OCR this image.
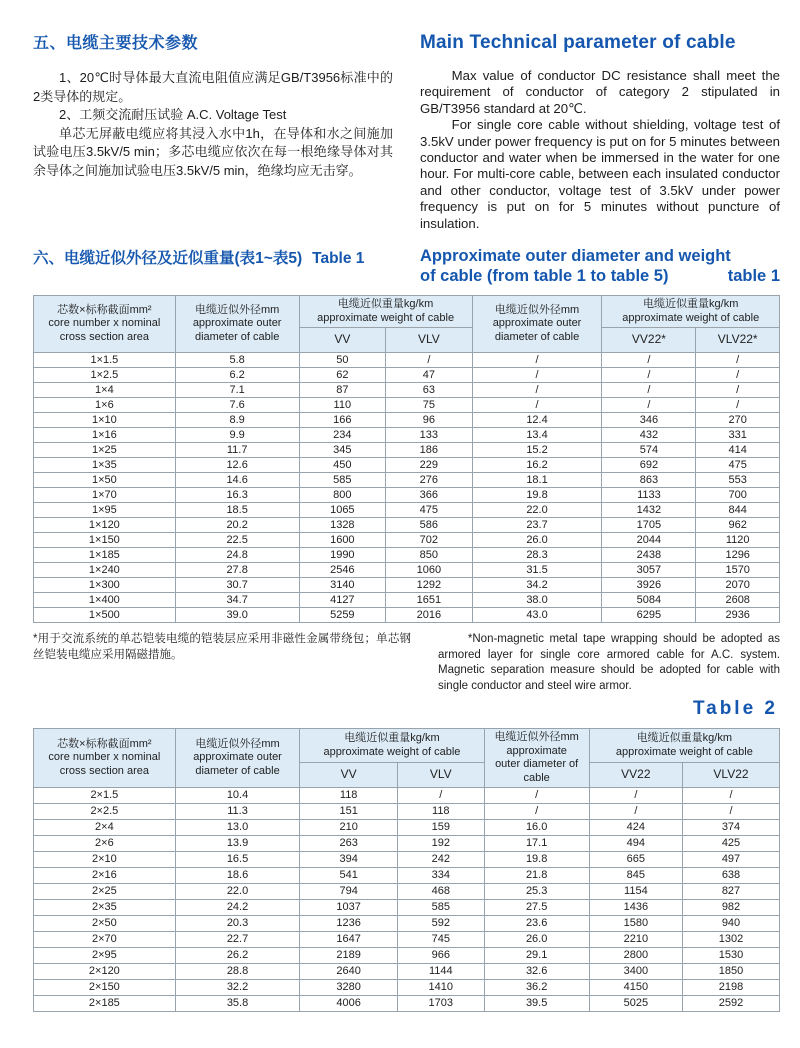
五、电缆主要技术参数

1、20℃时导体最大直流电阻值应满足GB/T3956标准中的2类导体的规定。

2、工频交流耐压试验 A.C. Voltage Test

单芯无屏蔽电缆应将其浸入水中1h，在导体和水之间施加试验电压3.5kV/5 min；多芯电缆应依次在每一根绝缘导体对其余导体之间施加试验电压3.5kV/5 min，绝缘均应无击穿。

Main Technical parameter of cable

Max value of conductor DC resistance shall meet the requirement of conductor of category 2 stipulated in GB/T3956 standard at 20℃.

For single core cable without shielding, voltage test of 3.5kV under power frequency is put on for 5 minutes between conductor and water when be immersed in the water for one hour. For multi-core cable, between each insulated conductor and other conductor, voltage test of 3.5kV under power frequency is put on for 5 minutes without puncture of insulation.

六、电缆近似外径及近似重量(表1~表5) Table 1	Approximate outer diameter and weight
of cable (from table 1 to table 5)	table 1
芯数×标称截面mm²
core number x nominal
cross section area

电缆近似外径mm
approximate outer
diameter of cable

电缆近似重量kg/km
approximate weight of cable

电缆近似外径mm
approximate outer
diameter of cable

电缆近似重量kg/km
approximate weight of cable

		VV	VLV		VV22*	VLV22*

1×1.5	5.8	50	/	/	/	/
1×2.5	6.2	62	47	/	/	/
1×4	7.1	87	63	/	/	/
1×6	7.6	110	75	/	/	/
1×10	8.9	166	96	12.4	346	270
1×16	9.9	234	133	13.4	432	331
1×25	11.7	345	186	15.2	574	414
1×35	12.6	450	229	16.2	692	475
1×50	14.6	585	276	18.1	863	553
1×70	16.3	800	366	19.8	1133	700
1×95	18.5	1065	475	22.0	1432	844
1×120	20.2	1328	586	23.7	1705	962
1×150	22.5	1600	702	26.0	2044	1120
1×185	24.8	1990	850	28.3	2438	1296
1×240	27.8	2546	1060	31.5	3057	1570
1×300	30.7	3140	1292	34.2	3926	2070
1×400	34.7	4127	1651	38.0	5084	2608
1×500	39.0	5259	2016	43.0	6295	2936

*用于交流系统的单芯铠装电缆的铠装层应采用非磁性金属带绕包；单芯钢丝铠装电缆应采用隔磁措施。

*Non-magnetic metal tape wrapping should be adopted as armored layer for single core armored cable for A.C. system. Magnetic separation measure should be adopted for cable with single conductor and steel wire armor.

Table 2
芯数×标称截面mm²
core number x nominal
cross section area

电缆近似外径mm
approximate outer
diameter of cable

电缆近似重量kg/km
approximate weight of cable

电缆近似外径mm
approximate
outer diameter of
cable

电缆近似重量kg/km
approximate weight of cable

		VV	VLV		VV22	VLV22

2×1.5	10.4	118	/	/	/	/
2×2.5	11.3	151	118	/	/	/
2×4	13.0	210	159	16.0	424	374
2×6	13.9	263	192	17.1	494	425
2×10	16.5	394	242	19.8	665	497
2×16	18.6	541	334	21.8	845	638
2×25	22.0	794	468	25.3	1154	827
2×35	24.2	1037	585	27.5	1436	982
2×50	20.3	1236	592	23.6	1580	940
2×70	22.7	1647	745	26.0	2210	1302
2×95	26.2	2189	966	29.1	2800	1530
2×120	28.8	2640	1144	32.6	3400	1850
2×150	32.2	3280	1410	36.2	4150	2198
2×185	35.8	4006	1703	39.5	5025	2592
